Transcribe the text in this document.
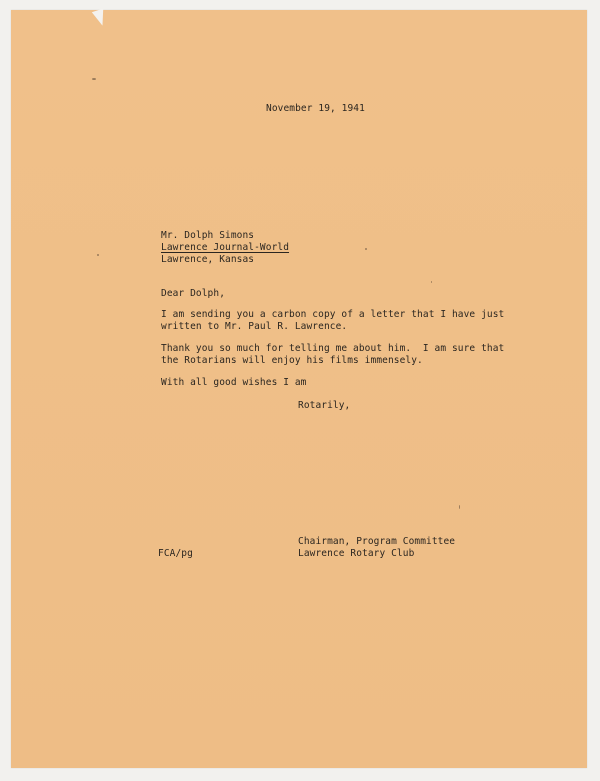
November 19, 1941
Mr. Dolph Simons
Lawrence Journal-World
Lawrence, Kansas
Dear Dolph,
I am sending you a carbon copy of a letter that I have just
written to Mr. Paul R. Lawrence.
Thank you so much for telling me about him.  I am sure that
the Rotarians will enjoy his films immensely.
With all good wishes I am
Rotarily,
Chairman, Program Committee
FCA/pg	Lawrence Rotary Club
